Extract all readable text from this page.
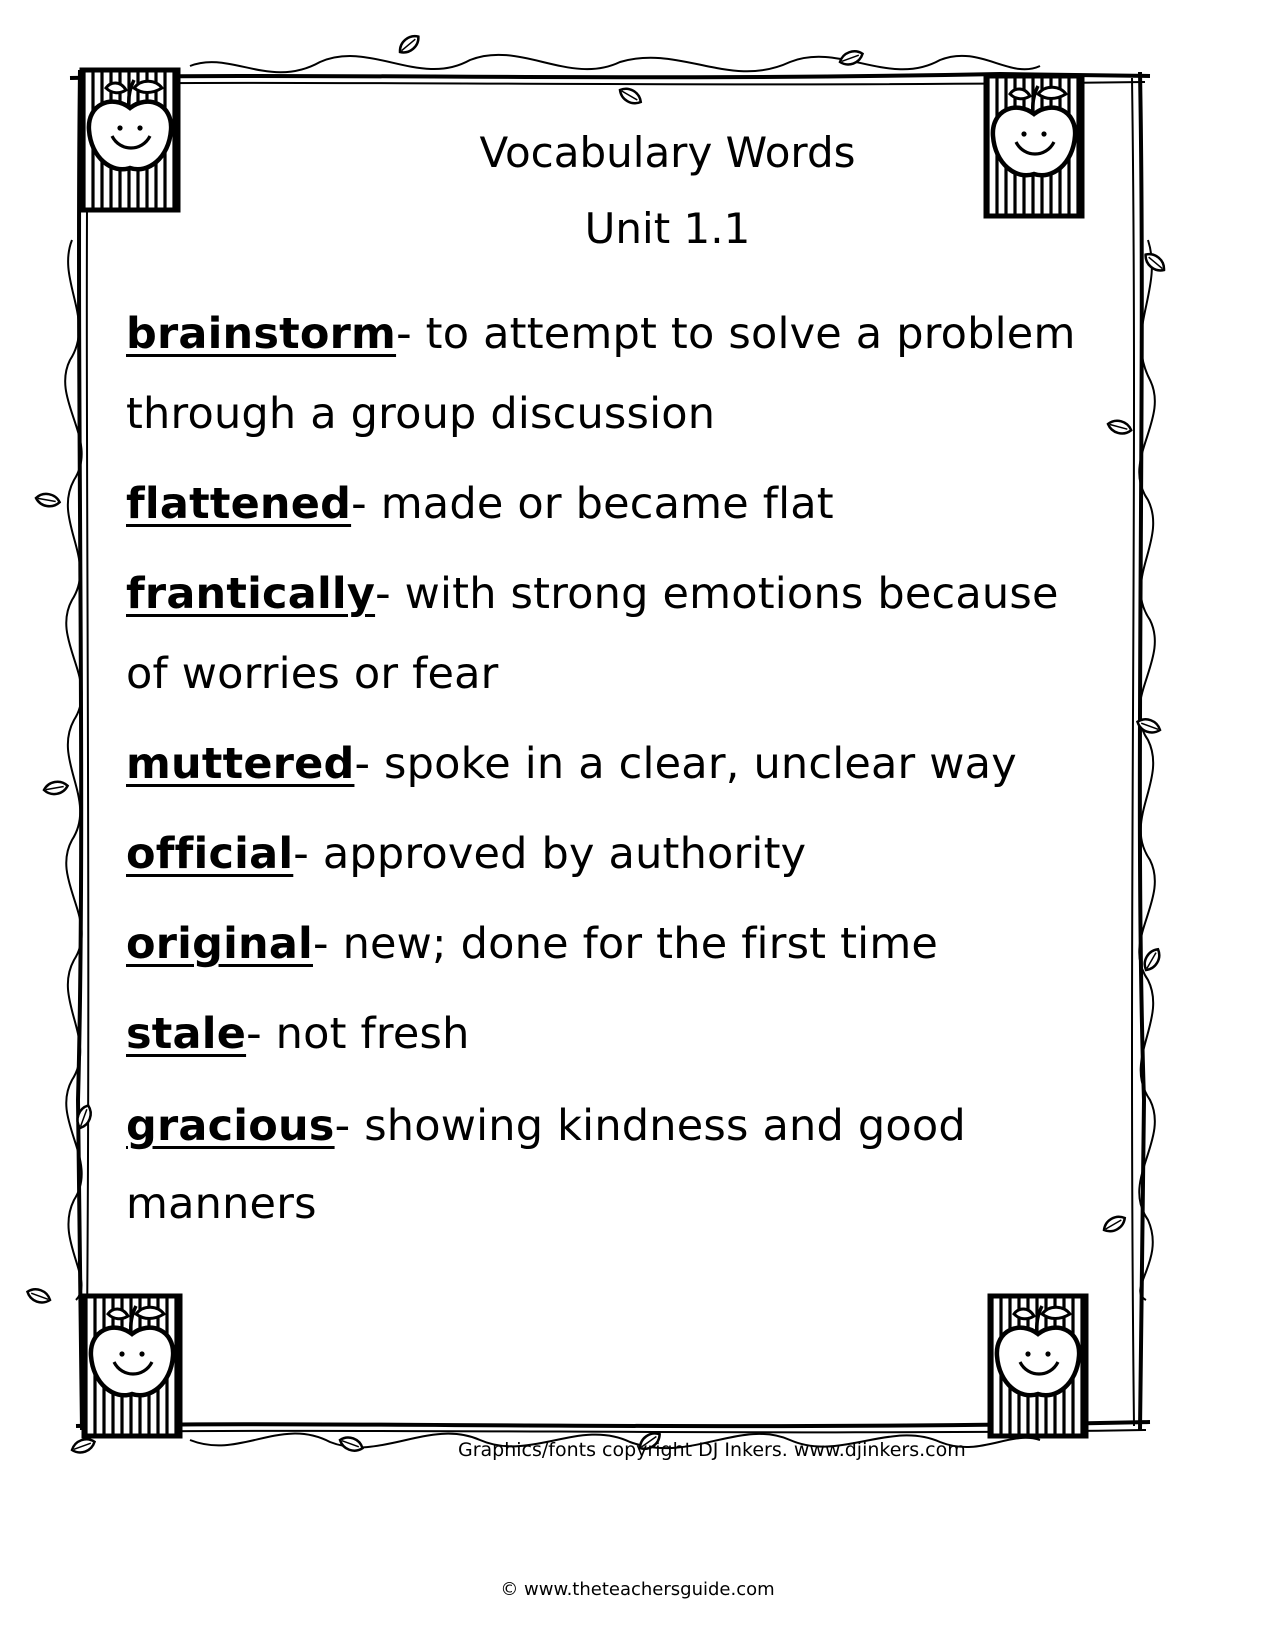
Vocabulary Words
Unit 1.1
brainstorm- to attempt to solve a problem
through a group discussion
flattened- made or became flat
frantically- with strong emotions because
of worries or fear
muttered- spoke in a clear, unclear way
official- approved by authority
original- new; done for the first time
stale- not fresh
gracious- showing kindness and good
manners
Graphics/fonts copyright DJ Inkers. www.djinkers.com
© www.theteachersguide.com
